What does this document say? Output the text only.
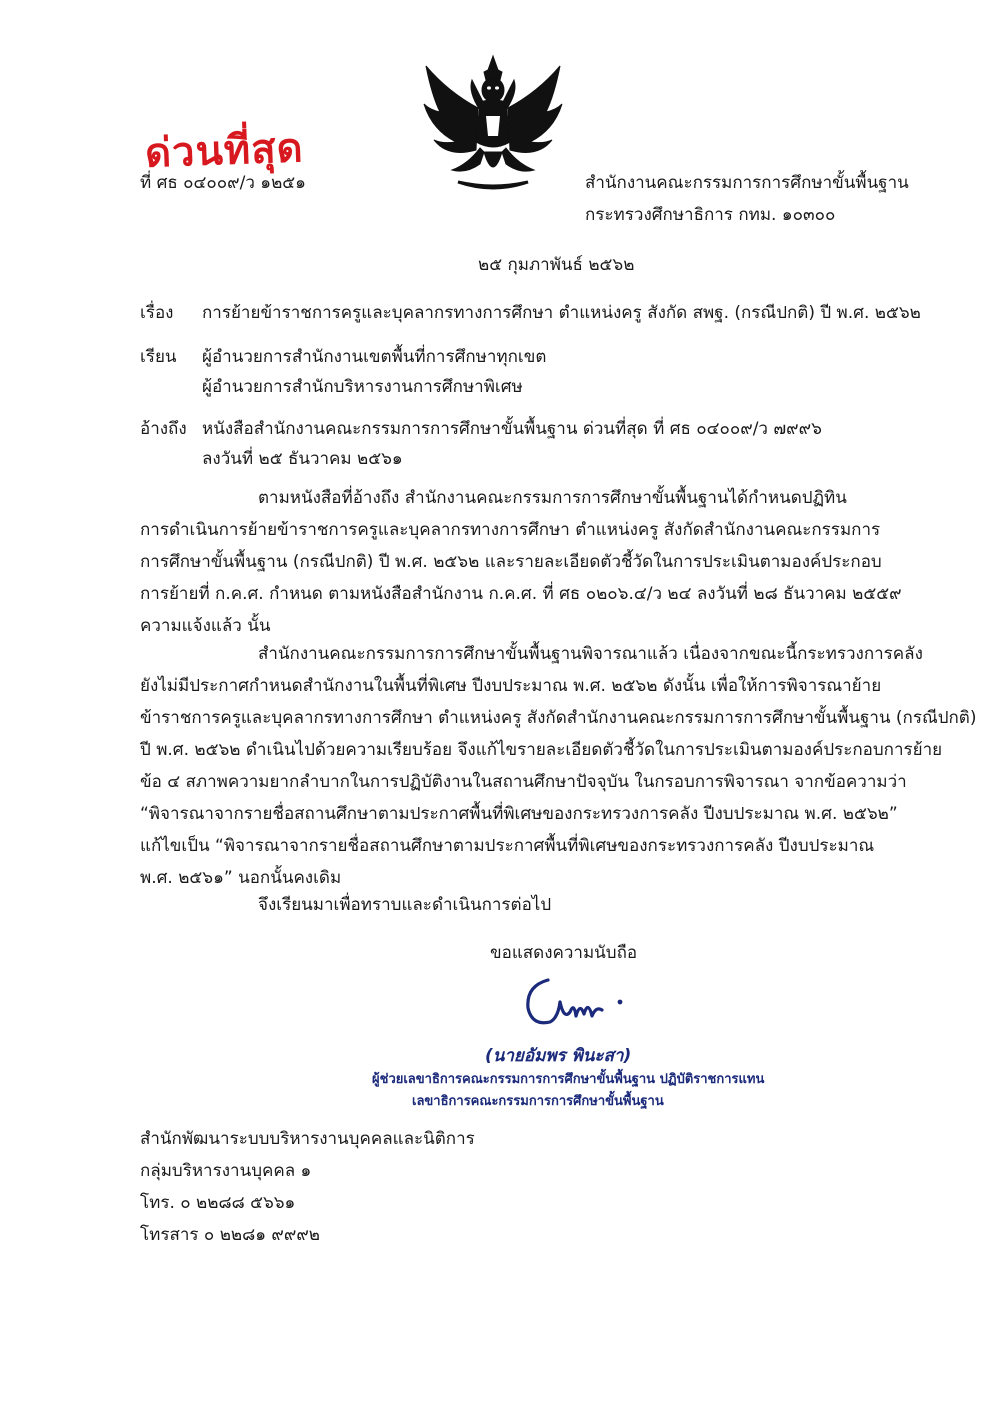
ด่วนที่สุด
ที่ ศธ ๐๔๐๐๙/ว ๑๒๕๑	สำนักงานคณะกรรมการการศึกษาขั้นพื้นฐาน
กระทรวงศึกษาธิการ กทม. ๑๐๓๐๐
๒๕ กุมภาพันธ์ ๒๕๖๒
เรื่อง การย้ายข้าราชการครูและบุคลากรทางการศึกษา ตำแหน่งครู สังกัด สพฐ. (กรณีปกติ) ปี พ.ศ. ๒๕๖๒
เรียน ผู้อำนวยการสำนักงานเขตพื้นที่การศึกษาทุกเขต
ผู้อำนวยการสำนักบริหารงานการศึกษาพิเศษ
อ้างถึง หนังสือสำนักงานคณะกรรมการการศึกษาขั้นพื้นฐาน ด่วนที่สุด ที่ ศธ ๐๔๐๐๙/ว ๗๙๙๖
ลงวันที่ ๒๕ ธันวาคม ๒๕๖๑
ตามหนังสือที่อ้างถึง สำนักงานคณะกรรมการการศึกษาขั้นพื้นฐานได้กำหนดปฏิทิน
การดำเนินการย้ายข้าราชการครูและบุคลากรทางการศึกษา ตำแหน่งครู สังกัดสำนักงานคณะกรรมการ
การศึกษาขั้นพื้นฐาน (กรณีปกติ) ปี พ.ศ. ๒๕๖๒ และรายละเอียดตัวชี้วัดในการประเมินตามองค์ประกอบ
การย้ายที่ ก.ค.ศ. กำหนด ตามหนังสือสำนักงาน ก.ค.ศ. ที่ ศธ ๐๒๐๖.๔/ว ๒๔ ลงวันที่ ๒๘ ธันวาคม ๒๕๕๙
ความแจ้งแล้ว นั้น
สำนักงานคณะกรรมการการศึกษาขั้นพื้นฐานพิจารณาแล้ว เนื่องจากขณะนี้กระทรวงการคลัง
ยังไม่มีประกาศกำหนดสำนักงานในพื้นที่พิเศษ ปีงบประมาณ พ.ศ. ๒๕๖๒ ดังนั้น เพื่อให้การพิจารณาย้าย
ข้าราชการครูและบุคลากรทางการศึกษา ตำแหน่งครู สังกัดสำนักงานคณะกรรมการการศึกษาขั้นพื้นฐาน (กรณีปกติ)
ปี พ.ศ. ๒๕๖๒ ดำเนินไปด้วยความเรียบร้อย จึงแก้ไขรายละเอียดตัวชี้วัดในการประเมินตามองค์ประกอบการย้าย
ข้อ ๔ สภาพความยากลำบากในการปฏิบัติงานในสถานศึกษาปัจจุบัน ในกรอบการพิจารณา จากข้อความว่า
“พิจารณาจากรายชื่อสถานศึกษาตามประกาศพื้นที่พิเศษของกระทรวงการคลัง ปีงบประมาณ พ.ศ. ๒๕๖๒”
แก้ไขเป็น “พิจารณาจากรายชื่อสถานศึกษาตามประกาศพื้นที่พิเศษของกระทรวงการคลัง ปีงบประมาณ
พ.ศ. ๒๕๖๑” นอกนั้นคงเดิม
จึงเรียนมาเพื่อทราบและดำเนินการต่อไป
ขอแสดงความนับถือ
(นายอัมพร พินะสา)
ผู้ช่วยเลขาธิการคณะกรรมการการศึกษาขั้นพื้นฐาน ปฏิบัติราชการแทน
เลขาธิการคณะกรรมการการศึกษาขั้นพื้นฐาน
สำนักพัฒนาระบบบริหารงานบุคคลและนิติการ
กลุ่มบริหารงานบุคคล ๑
โทร. ๐ ๒๒๘๘ ๕๖๖๑
โทรสาร ๐ ๒๒๘๑ ๙๙๙๒
